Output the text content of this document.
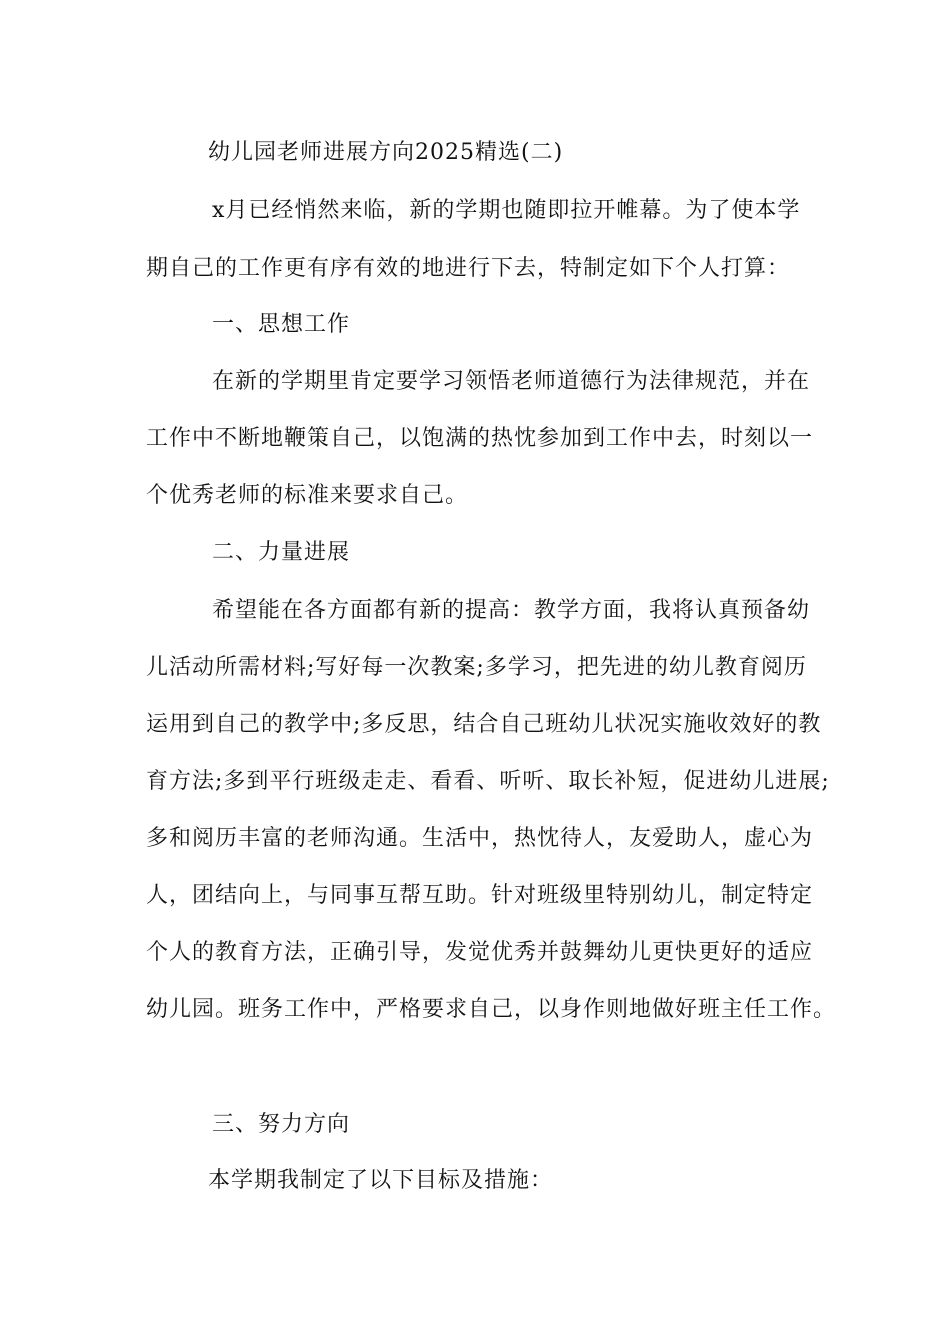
幼儿园老师进展方向2025精选(二)
x月已经悄然来临，新的学期也随即拉开帷幕。为了使本学
期自己的工作更有序有效的地进行下去，特制定如下个人打算：
一、思想工作
在新的学期里肯定要学习领悟老师道德行为法律规范，并在
工作中不断地鞭策自己，以饱满的热忱参加到工作中去，时刻以一
个优秀老师的标准来要求自己。
二、力量进展
希望能在各方面都有新的提高：教学方面，我将认真预备幼
儿活动所需材料;写好每一次教案;多学习，把先进的幼儿教育阅历
运用到自己的教学中;多反思，结合自己班幼儿状况实施收效好的教
育方法;多到平行班级走走、看看、听听、取长补短，促进幼儿进展;
多和阅历丰富的老师沟通。生活中，热忱待人，友爱助人，虚心为
人，团结向上，与同事互帮互助。针对班级里特别幼儿，制定特定
个人的教育方法，正确引导，发觉优秀并鼓舞幼儿更快更好的适应
幼儿园。班务工作中，严格要求自己，以身作则地做好班主任工作。
三、努力方向
本学期我制定了以下目标及措施：
